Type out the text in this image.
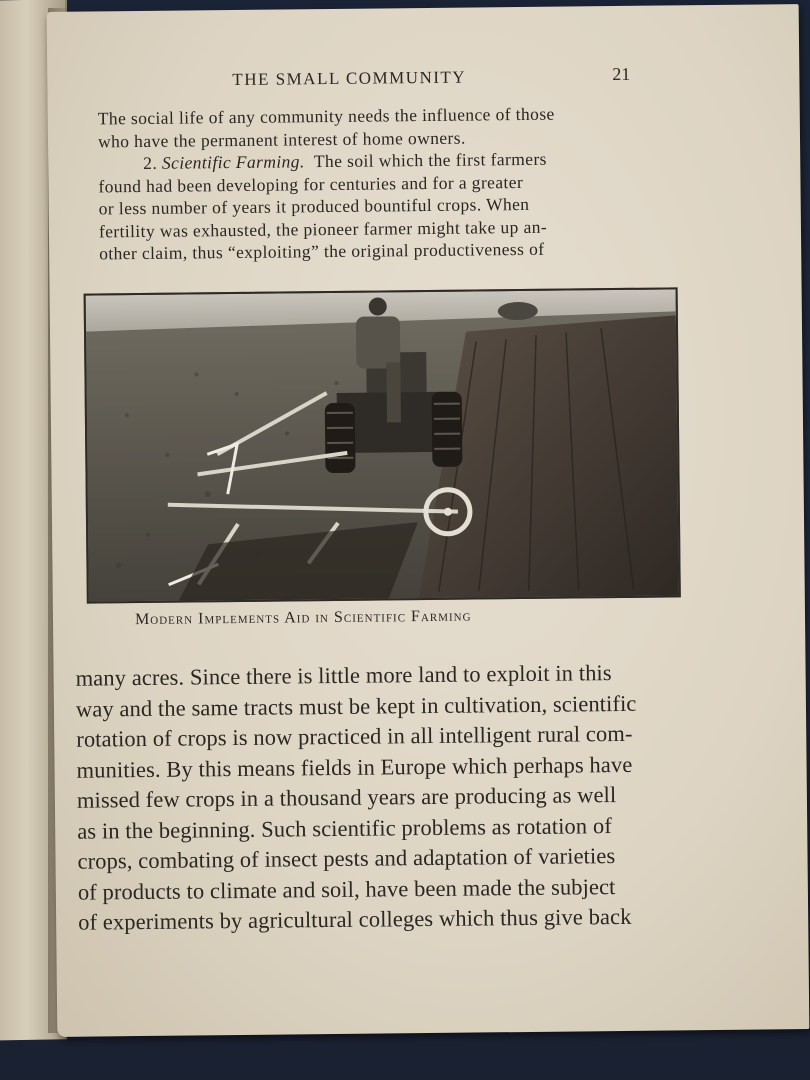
THE SMALL COMMUNITY	21
The social life of any community needs the influence of those
who have the permanent interest of home owners.
2. Scientific Farming. The soil which the first farmers
found had been developing for centuries and for a greater
or less number of years it produced bountiful crops. When
fertility was exhausted, the pioneer farmer might take up an-
other claim, thus “exploiting” the original productiveness of
Modern Implements Aid in Scientific Farming
many acres. Since there is little more land to exploit in this
way and the same tracts must be kept in cultivation, scientific
rotation of crops is now practiced in all intelligent rural com-
munities. By this means fields in Europe which perhaps have
missed few crops in a thousand years are producing as well
as in the beginning. Such scientific problems as rotation of
crops, combating of insect pests and adaptation of varieties
of products to climate and soil, have been made the subject
of experiments by agricultural colleges which thus give back
